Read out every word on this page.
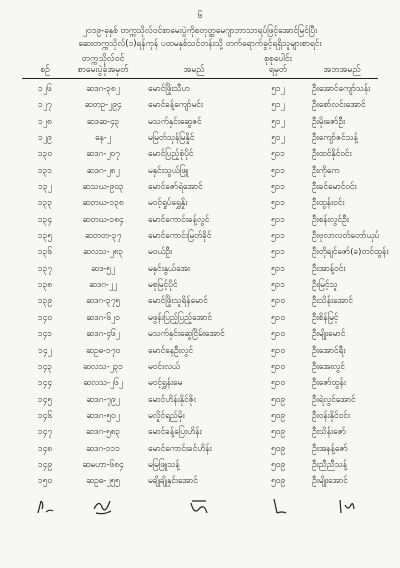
၆
၂၀၁၉-ခုနှစ် တက္ကသိုလ်ဝင်စာမေးပွဲကိုစတုတ္ထမေဂျာဘာသာရပ်ဖြင့်အောင်မြင်ပြီး
ဆေးတက္ကသိုလ်(၁)ရန်ကုန် ပထမနှစ်သင်တန်းသို့ တက်ရောက်ခွင့်ရရှိသူများစာရင်း
စဉ်
တက္ကသိုလ်ဝင်
စာမေးပွဲခုံအမှတ်	အမည်
စုစုပေါင်း
ရမှတ်	အဘအမည်
၁၂၆	ဆဒဂ-၃၈၂	မောင်ဖြိုးသီဟ	၅၁၂	ဦးအောင်ကျော်သန်း
၁၂၇	ဆတဥ-၂၉၄	မောင်ခန့်ကျော်မင်း	၅၁၂	ဦးစော်လင်းအောင်
၁၂၈	ဆဒဆ-၄၃	မသက်နှင်းဆွေဇင်	၅၁၂	ဦးမိုးဇော်ဦး
၁၂၉	နေ-၂	မမြတ်သုန်မြနှိုင်	၅၁၂	ဦးကျော်ဇင်သန့်
၁၃၀	ဆဒဂ-၂၀၇	မောင်ပြည့်စုံပိုင်	၅၁၁	ဦးထင်နိုင်ဝင်း
၁၃၁	ဆဒဂ-၂၈၂	မနှင်းသွယ်ဖြူ	၅၁၁	ဦးကိုကေ
၁၃၂	ဆသဃ-၉၀၃	မောင်ဇော်ရဲအောင်	၅၁၁	ဦးခင်မောင်ဝင်း
၁၃၃	ဆတဃ-၁၃၈	မဝင့်ရှုပ်ရွှေနှိုး	၅၁၁	ဦးထွန်းဝင်း
၁၃၄	ဆတဃ-၁၈၄	မောင်ကောင်းခန့်လွင်	၅၁၁	ဦးစန်းလွင်ဦး
၁၃၅	ဆတတ-၃၇	မောင်ကောင်းမြတ်ခိုင်	၅၁၁	ဦးဗုလာလတ်တော်ယုပ်
၁၃၆	ဆလသ-၂၈၃	မဝယ်ဦး	၅၁၁	ဦးတိုချင်ဇော်(ခ)တင်ထွန်း
၁၃၇	ဆဒ-၅၂	မနှင်းနွယ်အေး	၅၁၁	ဦးအာန့်ဝင်း
၁၃၈	ဆဒဂ-၂၂	မစုမြင့်ပိုင်	၅၁၁	ဦးမြင့်သူ
၁၃၉	ဆဒဂ-၃၇၅	မောင်ဖြိုးသူရိန်မောင်	၅၁၀	ဦးသိန်းအောင်
၁၄၀	ဆဒဂ-၆၂၀	မဖွန်းပြည့်ပြည့်အောင်	၅၁၀	ဦးစိန်မြင့်
၁၄၁	ဆဒဂ-၄၆၂	မသက်နှင်းဆွေငြိမ်းအောင်	၅၁၀	ဦးမျိုးမောင်
၁၄၂	ဆဥဓ-၁၇၀	မောင်နေဦးလွင်	၅၁၀	ဦးအောင်ရီး
၁၄၃	ဆလသ-၂၃၁	မဝင်းလယ်	၅၁၀	ဦးအေးလွင်
၁၄၄	ဆလသ-၂၆၂	မဝင့်ရွှန်းမေ	၅၁၀	ဦးဇော်ထွန်း
၁၄၅	ဆဒဂ-၇၉၂	မောင်ဟိန်းနိုင်ဇိုး	၅၀၉	ဦးရဲလွင်အောင်
၁၄၆	ဆဒဂ-၅၀၂	မလှိုင်ရည်မိုး	၅၀၉	ဦးဝန်းနိုင်ဝင်း
၁၄၇	ဆဒဂ-၅၈၃	မောင်ခန့်ပြေးဟိန်း	၅၀၉	ဦးသိန်းဇော်
၁၄၈	ဆဒဂ-၁၁၁	မောင်ကောင်းခင်ဟိန်း	၅၀၉	ဦးအနန့်ဇော်
၁၄၉	ဆမဟာ-၆၈၄	မမြဖြူသန့်	၅၀၉	ဦးညီညီသန့်
၁၅၀	ဆဥဓ-၂၅၅	မချိုချိုနှင်းအောင်	၅၀၉	ဦးမျိုးအောင်
